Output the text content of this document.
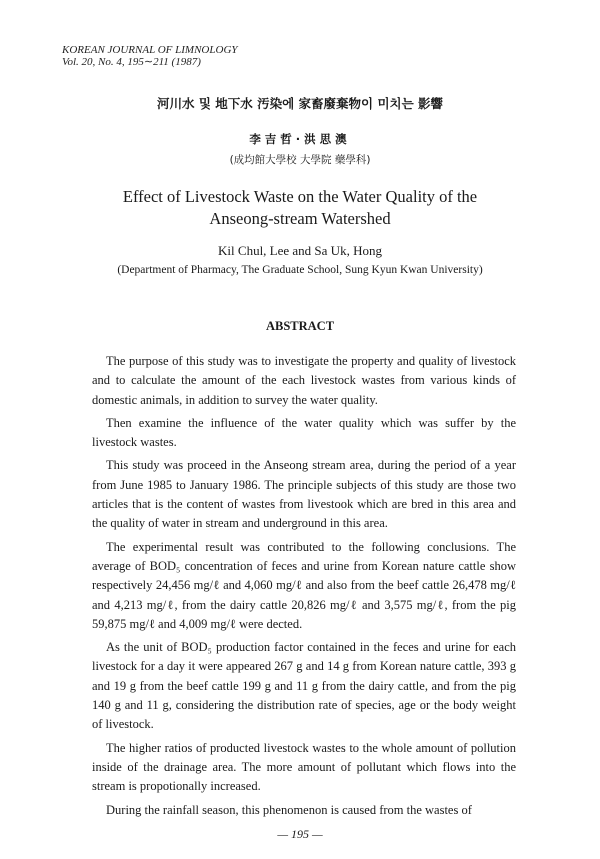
KOREAN JOURNAL OF LIMNOLOGY
Vol. 20, No. 4, 195∼211 (1987)
河川水 및 地下水 汚染에 家畜廢棄物이 미치는 影響
李吉哲·洪思澳
(成均館大學校 大學院 藥學科)
Effect of Livestock Waste on the Water Quality of the
Anseong-stream Watershed
Kil Chul, Lee and Sa Uk, Hong
(Department of Pharmacy, The Graduate School, Sung Kyun Kwan University)
ABSTRACT

The purpose of this study was to investigate the property and quality of livestock and to calculate the amount of the each livestock wastes from various kinds of domestic animals, in addition to survey the water quality.

Then examine the influence of the water quality which was suffer by the livestock wastes.

This study was proceed in the Anseong stream area, during the period of a year from June 1985 to January 1986. The principle subjects of this study are those two articles that is the content of wastes from livestook which are bred in this area and the quality of water in stream and underground in this area.

The experimental result was contributed to the following conclusions. The average of BOD₅ concentration of feces and urine from Korean nature cattle show respectively 24,456 mg/ℓ and 4,060 mg/ℓ and also from the beef cattle 26,478 mg/ℓ and 4,213 mg/ℓ, from the dairy cattle 20,826 mg/ℓ and 3,575 mg/ℓ, from the pig 59,875 mg/ℓ and 4,009 mg/ℓ were dected.

As the unit of BOD₅ production factor contained in the feces and urine for each livestock for a day it were appeared 267 g and 14 g from Korean nature cattle, 393 g and 19 g from the beef cattle 199 g and 11 g from the dairy cattle, and from the pig 140 g and 11 g, considering the distribution rate of species, age or the body weight of livestock.

The higher ratios of producted livestock wastes to the whole amount of pollution inside of the drainage area. The more amount of pollutant which flows into the stream is propotionally increased.

During the rainfall season, this phenomenon is caused from the wastes of

— 195 —
